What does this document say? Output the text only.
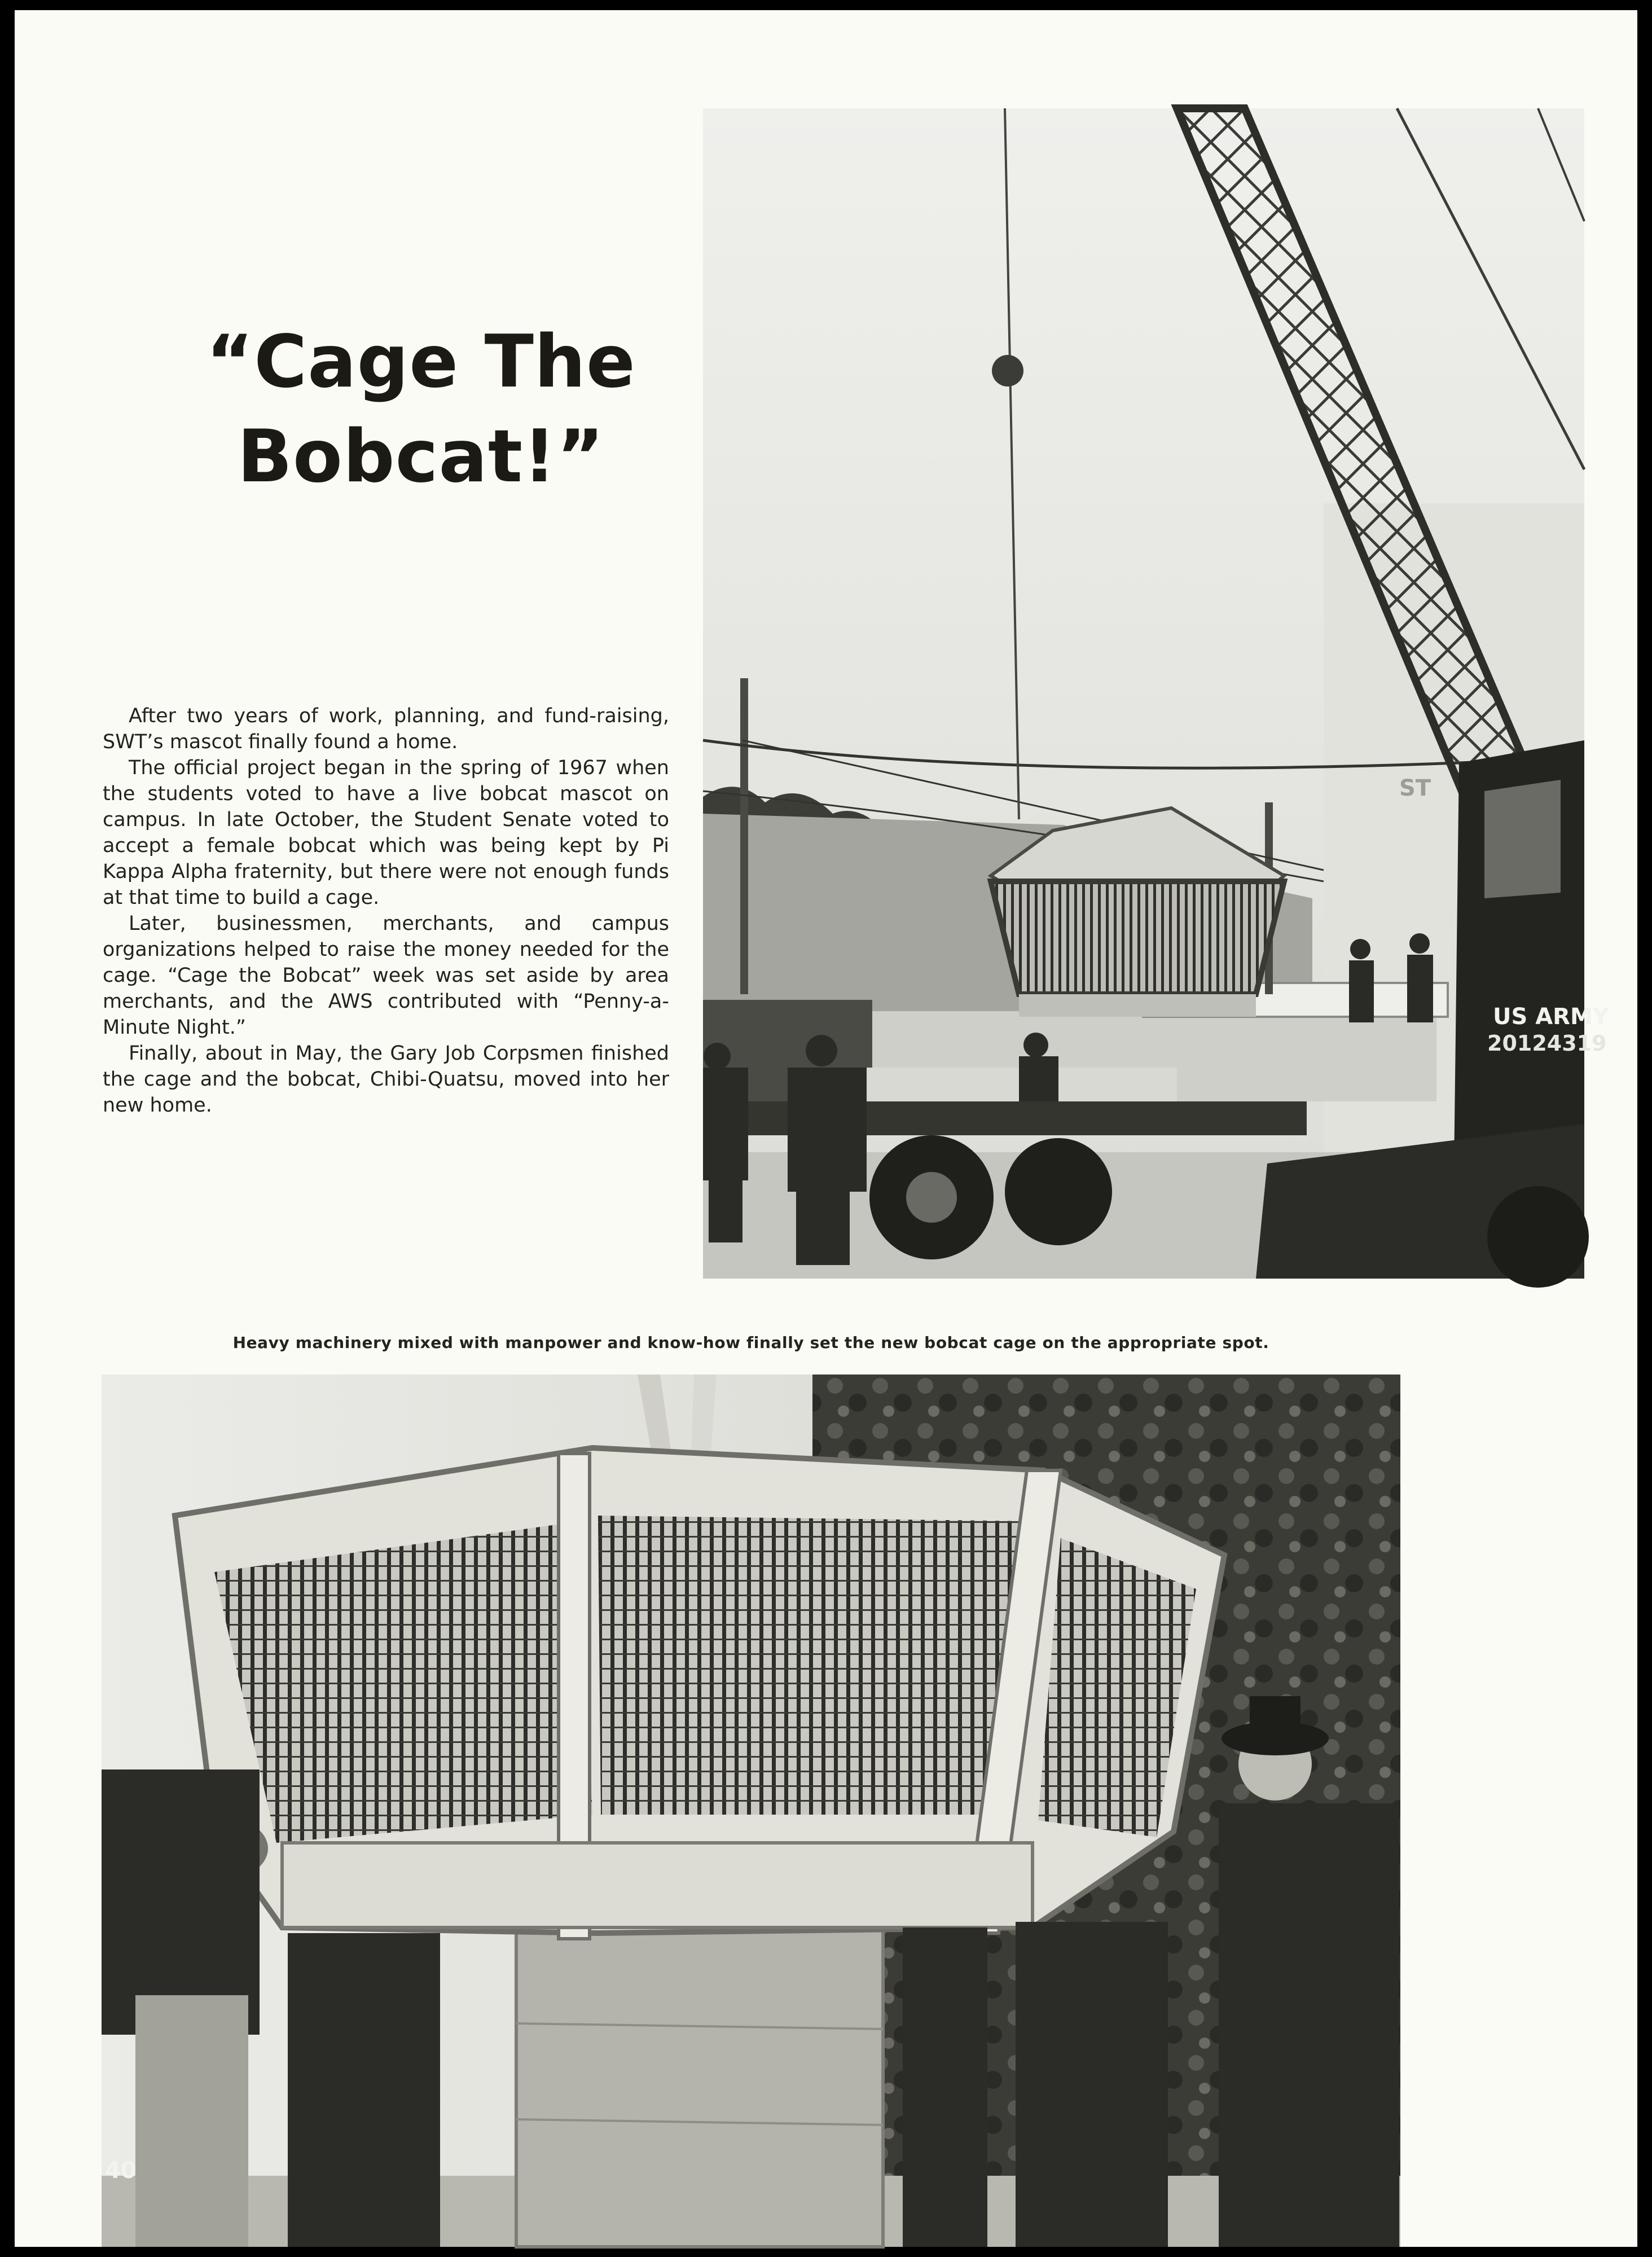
“Cage The
Bobcat!”

After two years of work, planning, and fund-raising, SWT’s mascot finally found a home.

The official project began in the spring of 1967 when the students voted to have a live bobcat mascot on campus. In late October, the Student Senate voted to accept a female bobcat which was being kept by Pi Kappa Alpha fraternity, but there were not enough funds at that time to build a cage.

Later, businessmen, merchants, and campus organizations helped to raise the money needed for the cage. “Cage the Bobcat” week was set aside by area merchants, and the AWS contributed with “Penny-a-Minute Night.”

Finally, about in May, the Gary Job Corpsmen finished the cage and the bobcat, Chibi-Quatsu, moved into her new home.

ST
US ARMY
20124319

Heavy machinery mixed with manpower and know-how finally set the new bobcat cage on the appropriate spot.

40
